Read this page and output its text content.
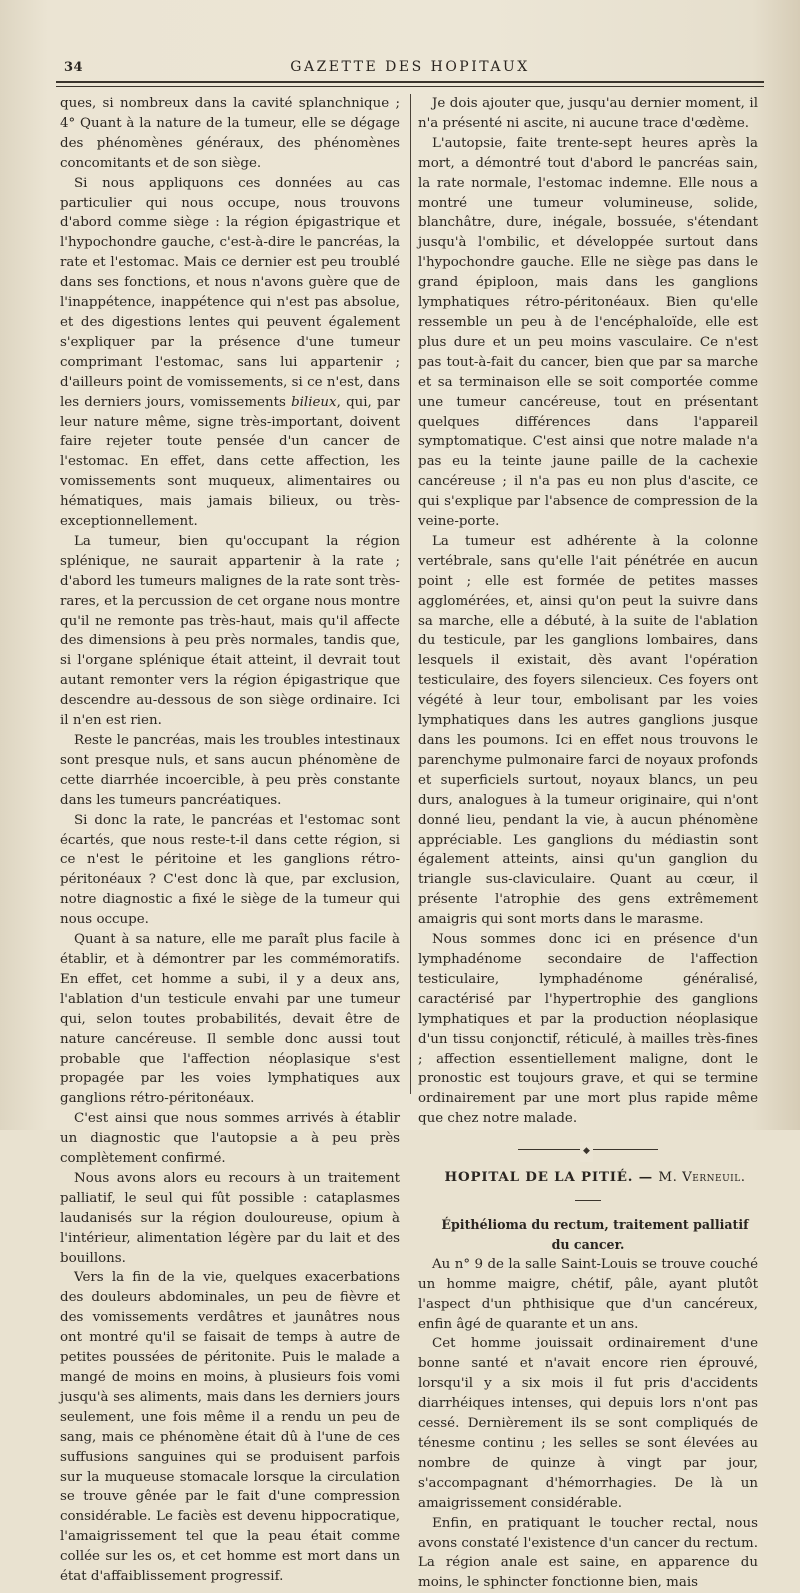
34	GAZETTE DES HOPITAUX

ques, si nombreux dans la cavité splanchnique ; 4° Quant à la nature de la tumeur, elle se dégage des phénomènes généraux, des phénomènes concomitants et de son siège.

Si nous appliquons ces données au cas particulier qui nous occupe, nous trouvons d'abord comme siège : la région épigastrique et l'hypochondre gauche, c'est-à-dire le pancréas, la rate et l'estomac. Mais ce dernier est peu troublé dans ses fonctions, et nous n'avons guère que de l'inappétence, inappétence qui n'est pas absolue, et des digestions lentes qui peuvent également s'expliquer par la présence d'une tumeur comprimant l'estomac, sans lui appartenir ; d'ailleurs point de vomissements, si ce n'est, dans les derniers jours, vomissements bilieux, qui, par leur nature même, signe très-important, doivent faire rejeter toute pensée d'un cancer de l'estomac. En effet, dans cette affection, les vomissements sont muqueux, alimentaires ou hématiques, mais jamais bilieux, ou très-exceptionnellement.

La tumeur, bien qu'occupant la région splénique, ne saurait appartenir à la rate ; d'abord les tumeurs malignes de la rate sont très-rares, et la percussion de cet organe nous montre qu'il ne remonte pas très-haut, mais qu'il affecte des dimensions à peu près normales, tandis que, si l'organe splénique était atteint, il devrait tout autant remonter vers la région épigastrique que descendre au-dessous de son siège ordinaire. Ici il n'en est rien.

Reste le pancréas, mais les troubles intestinaux sont presque nuls, et sans aucun phénomène de cette diarrhée incoercible, à peu près constante dans les tumeurs pancréatiques.

Si donc la rate, le pancréas et l'estomac sont écartés, que nous reste-t-il dans cette région, si ce n'est le péritoine et les ganglions rétro-péritonéaux ? C'est donc là que, par exclusion, notre diagnostic a fixé le siège de la tumeur qui nous occupe.

Quant à sa nature, elle me paraît plus facile à établir, et à démontrer par les commémoratifs. En effet, cet homme a subi, il y a deux ans, l'ablation d'un testicule envahi par une tumeur qui, selon toutes probabilités, devait être de nature cancéreuse. Il semble donc aussi tout probable que l'affection néoplasique s'est propagée par les voies lymphatiques aux ganglions rétro-péritonéaux.

C'est ainsi que nous sommes arrivés à établir un diagnostic que l'autopsie a à peu près complètement confirmé.

Nous avons alors eu recours à un traitement palliatif, le seul qui fût possible : cataplasmes laudanisés sur la région douloureuse, opium à l'intérieur, alimentation légère par du lait et des bouillons.

Vers la fin de la vie, quelques exacerbations des douleurs abdominales, un peu de fièvre et des vomissements verdâtres et jaunâtres nous ont montré qu'il se faisait de temps à autre de petites poussées de péritonite. Puis le malade a mangé de moins en moins, à plusieurs fois vomi jusqu'à ses aliments, mais dans les derniers jours seulement, une fois même il a rendu un peu de sang, mais ce phénomène était dû à l'une de ces suffusions sanguines qui se produisent parfois sur la muqueuse stomacale lorsque la circulation se trouve gênée par le fait d'une compression considérable. Le faciès est devenu hippocratique, l'amaigrissement tel que la peau était comme collée sur les os, et cet homme est mort dans un état d'affaiblissement progressif.

Je dois ajouter que, jusqu'au dernier moment, il n'a présenté ni ascite, ni aucune trace d'œdème.

L'autopsie, faite trente-sept heures après la mort, a démontré tout d'abord le pancréas sain, la rate normale, l'estomac indemne. Elle nous a montré une tumeur volumineuse, solide, blanchâtre, dure, inégale, bossuée, s'étendant jusqu'à l'ombilic, et développée surtout dans l'hypochondre gauche. Elle ne siège pas dans le grand épiploon, mais dans les ganglions lymphatiques rétro-péritonéaux. Bien qu'elle ressemble un peu à de l'encéphaloïde, elle est plus dure et un peu moins vasculaire. Ce n'est pas tout-à-fait du cancer, bien que par sa marche et sa terminaison elle se soit comportée comme une tumeur cancéreuse, tout en présentant quelques différences dans l'appareil symptomatique. C'est ainsi que notre malade n'a pas eu la teinte jaune paille de la cachexie cancéreuse ; il n'a pas eu non plus d'ascite, ce qui s'explique par l'absence de compression de la veine-porte.

La tumeur est adhérente à la colonne vertébrale, sans qu'elle l'ait pénétrée en aucun point ; elle est formée de petites masses agglomérées, et, ainsi qu'on peut la suivre dans sa marche, elle a débuté, à la suite de l'ablation du testicule, par les ganglions lombaires, dans lesquels il existait, dès avant l'opération testiculaire, des foyers silencieux. Ces foyers ont végété à leur tour, embolisant par les voies lymphatiques dans les autres ganglions jusque dans les poumons. Ici en effet nous trouvons le parenchyme pulmonaire farci de noyaux profonds et superficiels surtout, noyaux blancs, un peu durs, analogues à la tumeur originaire, qui n'ont donné lieu, pendant la vie, à aucun phénomène appréciable. Les ganglions du médiastin sont également atteints, ainsi qu'un ganglion du triangle sus-claviculaire. Quant au cœur, il présente l'atrophie des gens extrêmement amaigris qui sont morts dans le marasme.

Nous sommes donc ici en présence d'un lymphadénome secondaire de l'affection testiculaire, lymphadénome généralisé, caractérisé par l'hypertrophie des ganglions lymphatiques et par la production néoplasique d'un tissu conjonctif, réticulé, à mailles très-fines ; affection essentiellement maligne, dont le pronostic est toujours grave, et qui se termine ordinairement par une mort plus rapide même que chez notre malade.

◆

HOPITAL DE LA PITIÉ. — M. Verneuil.

Épithélioma du rectum, traitement palliatif du cancer.

Au n° 9 de la salle Saint-Louis se trouve couché un homme maigre, chétif, pâle, ayant plutôt l'aspect d'un phthisique que d'un cancéreux, enfin âgé de quarante et un ans.

Cet homme jouissait ordinairement d'une bonne santé et n'avait encore rien éprouvé, lorsqu'il y a six mois il fut pris d'accidents diarrhéiques intenses, qui depuis lors n'ont pas cessé. Dernièrement ils se sont compliqués de ténesme continu ; les selles se sont élevées au nombre de quinze à vingt par jour, s'accompagnant d'hémorrhagies. De là un amaigrissement considérable.

Enfin, en pratiquant le toucher rectal, nous avons constaté l'existence d'un cancer du rectum. La région anale est saine, en apparence du moins, le sphincter fonctionne bien, mais
